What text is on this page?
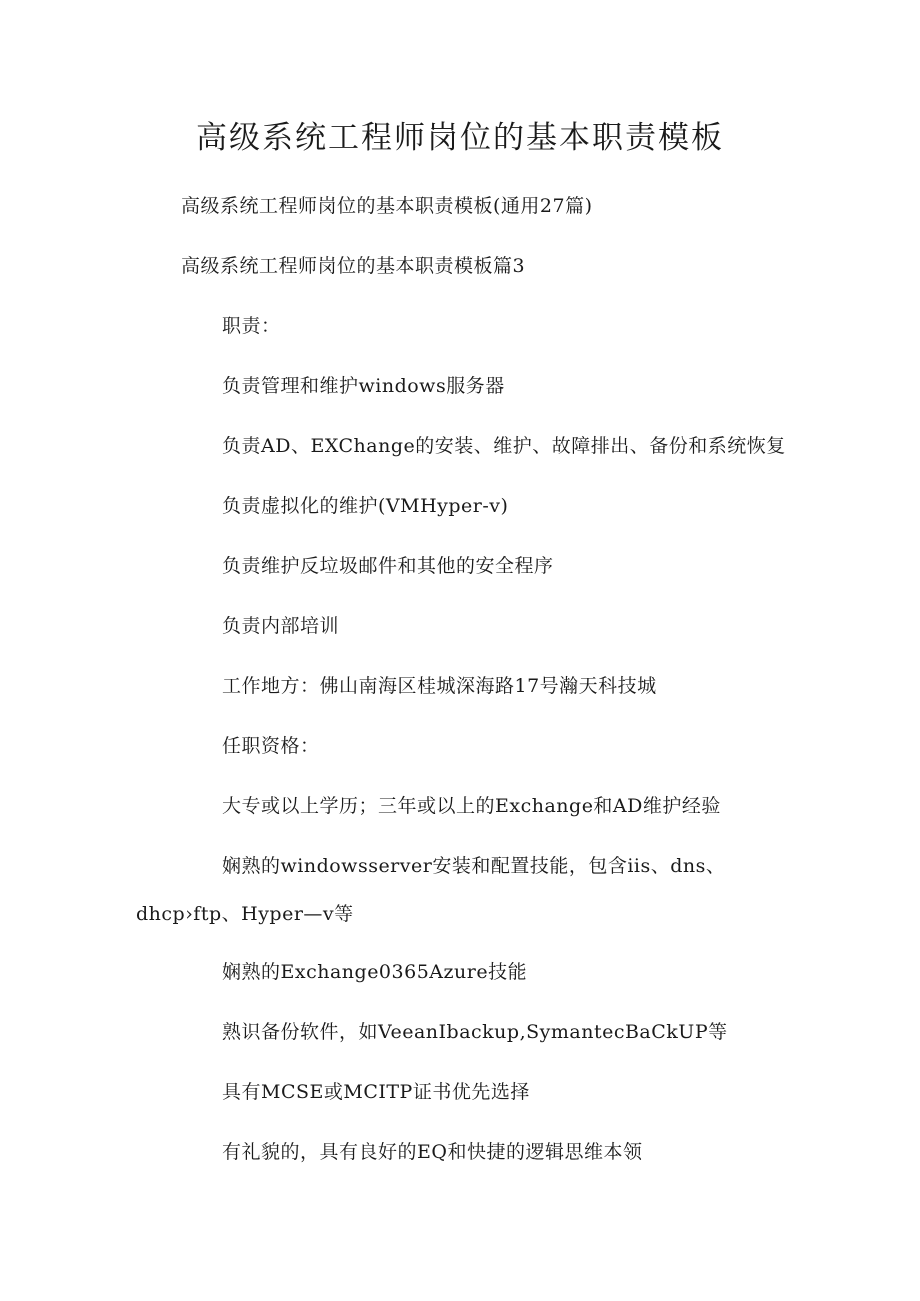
高级系统工程师岗位的基本职责模板

高级系统工程师岗位的基本职责模板(通用27篇)

高级系统工程师岗位的基本职责模板篇3

职责：

负责管理和维护windows服务器

负责AD、EXChange的安装、维护、故障排出、备份和系统恢复

负责虚拟化的维护(VMHyper-v)

负责维护反垃圾邮件和其他的安全程序

负责内部培训

工作地方：佛山南海区桂城深海路17号瀚天科技城

任职资格：

大专或以上学历；三年或以上的Exchange和AD维护经验

娴熟的windowsserver安装和配置技能，包含iis、dns、

dhcp›ftp、Hyper—v等

娴熟的Exchange0365Azure技能

熟识备份软件，如VeeanIbackup,SymantecBaCkUP等

具有MCSE或MCITP证书优先选择

有礼貌的，具有良好的EQ和快捷的逻辑思维本领
